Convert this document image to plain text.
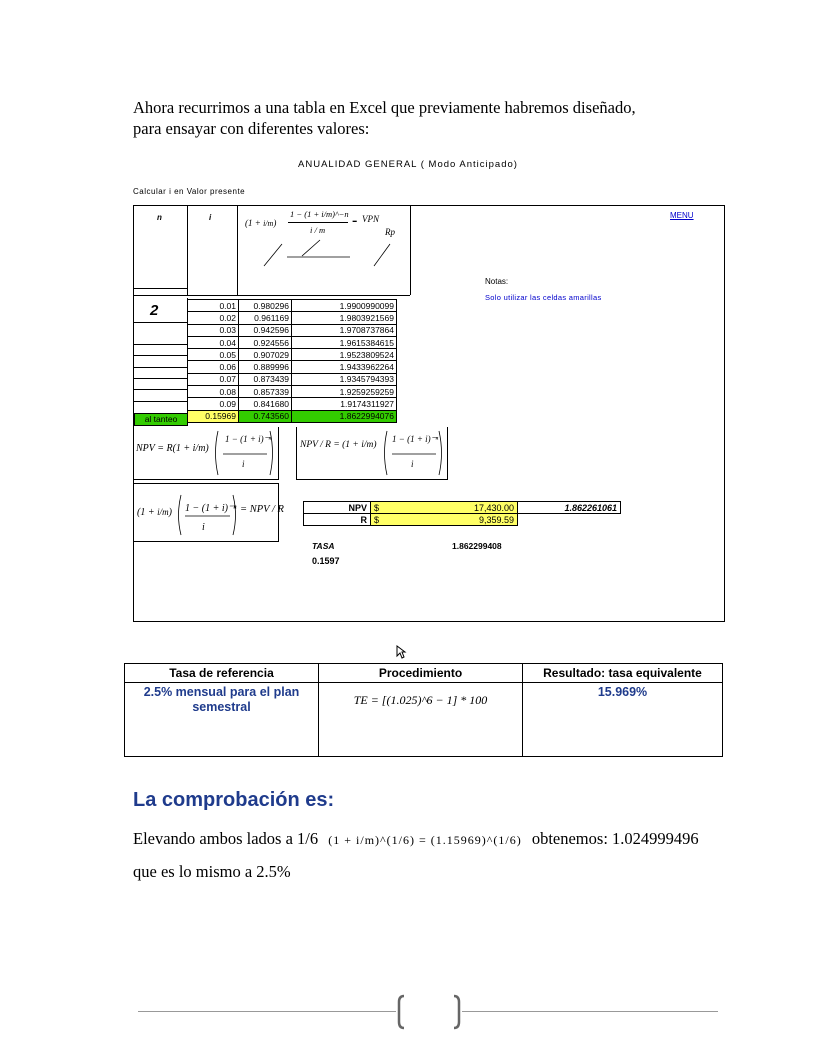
Ahora recurrimos a una tabla en Excel que previamente habremos diseñado,
para ensayar con diferentes valores:
ANUALIDAD GENERAL ( Modo Anticipado)
Calcular i en Valor presente
n	i
(1 + i/m)
1 − (1 + i/m)^−n
i / m
- VPN
Rp
MENU
Notas:
Solo utilizar las celdas amarillas
2	0.01	0.980296	1.9900990099
0.02	0.961169	1.9803921569
0.03	0.942596	1.9708737864
0.04	0.924556	1.9615384615
0.05	0.907029	1.9523809524
0.06	0.889996	1.9433962264
0.07	0.873439	1.9345794393
0.08	0.857339	1.9259259259
0.09	0.841680	1.9174311927
0.15969	0.743560	1.8622994076
al tanteo
NPV = R(1 + i/m)
1 − (1 + i)⁻ⁿ
i
NPV / R = (1 + i/m)
1 − (1 + i)⁻ⁿ
i
(1 + i/m) 1 − (1 + i)⁻ⁿ
i
= NPV / R	NPV	$ 17,430.00	1.862261061
R	$ 9,359.59	

TASA	1.862299408
0.1597
Tasa de referencia	Procedimiento	Resultado: tasa equivalente
2.5% mensual para el plan semestral	TE = [(1.025)^6 − 1] * 100	15.969%
La comprobación es:
Elevando ambos lados a 1/6 (1 + i/m)^(1/6) = (1.15969)^(1/6) obtenemos: 1.024999496
que es lo mismo a 2.5%
